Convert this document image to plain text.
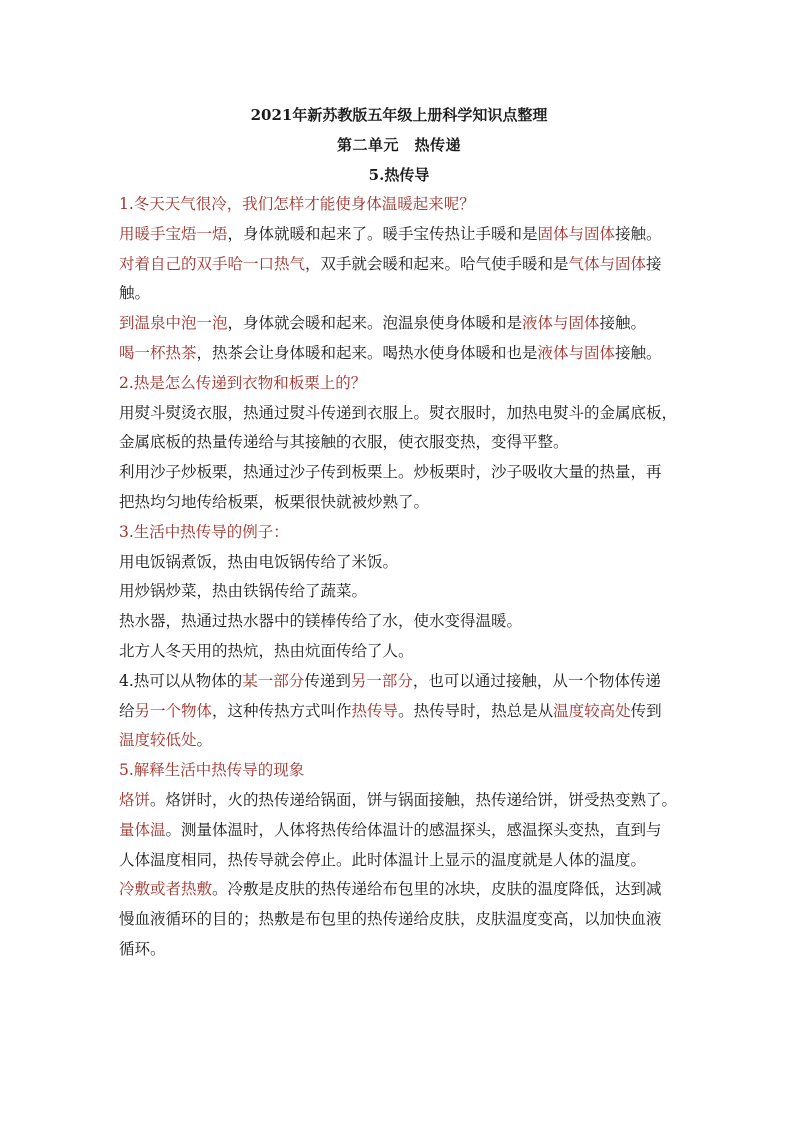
2021年新苏教版五年级上册科学知识点整理
第二单元　热传递
5.热传导
1.冬天天气很冷，我们怎样才能使身体温暖起来呢？
用暖手宝焐一焐，身体就暖和起来了。暖手宝传热让手暖和是固体与固体接触。
对着自己的双手哈一口热气，双手就会暖和起来。哈气使手暖和是气体与固体接
触。
到温泉中泡一泡，身体就会暖和起来。泡温泉使身体暖和是液体与固体接触。
喝一杯热茶，热茶会让身体暖和起来。喝热水使身体暖和也是液体与固体接触。
2.热是怎么传递到衣物和板栗上的？
用熨斗熨烫衣服，热通过熨斗传递到衣服上。熨衣服时，加热电熨斗的金属底板，
金属底板的热量传递给与其接触的衣服，使衣服变热，变得平整。
利用沙子炒板栗，热通过沙子传到板栗上。炒板栗时，沙子吸收大量的热量，再
把热均匀地传给板栗，板栗很快就被炒熟了。
3.生活中热传导的例子：
用电饭锅煮饭，热由电饭锅传给了米饭。
用炒锅炒菜，热由铁锅传给了蔬菜。
热水器，热通过热水器中的镁棒传给了水，使水变得温暖。
北方人冬天用的热炕，热由炕面传给了人。
4.热可以从物体的某一部分传递到另一部分，也可以通过接触，从一个物体传递
给另一个物体，这种传热方式叫作热传导。热传导时，热总是从温度较高处传到
温度较低处。
5.解释生活中热传导的现象
烙饼。烙饼时，火的热传递给锅面，饼与锅面接触，热传递给饼，饼受热变熟了。
量体温。测量体温时，人体将热传给体温计的感温探头，感温探头变热，直到与
人体温度相同，热传导就会停止。此时体温计上显示的温度就是人体的温度。
冷敷或者热敷。冷敷是皮肤的热传递给布包里的冰块，皮肤的温度降低，达到减
慢血液循环的目的；热敷是布包里的热传递给皮肤，皮肤温度变高，以加快血液
循环。
